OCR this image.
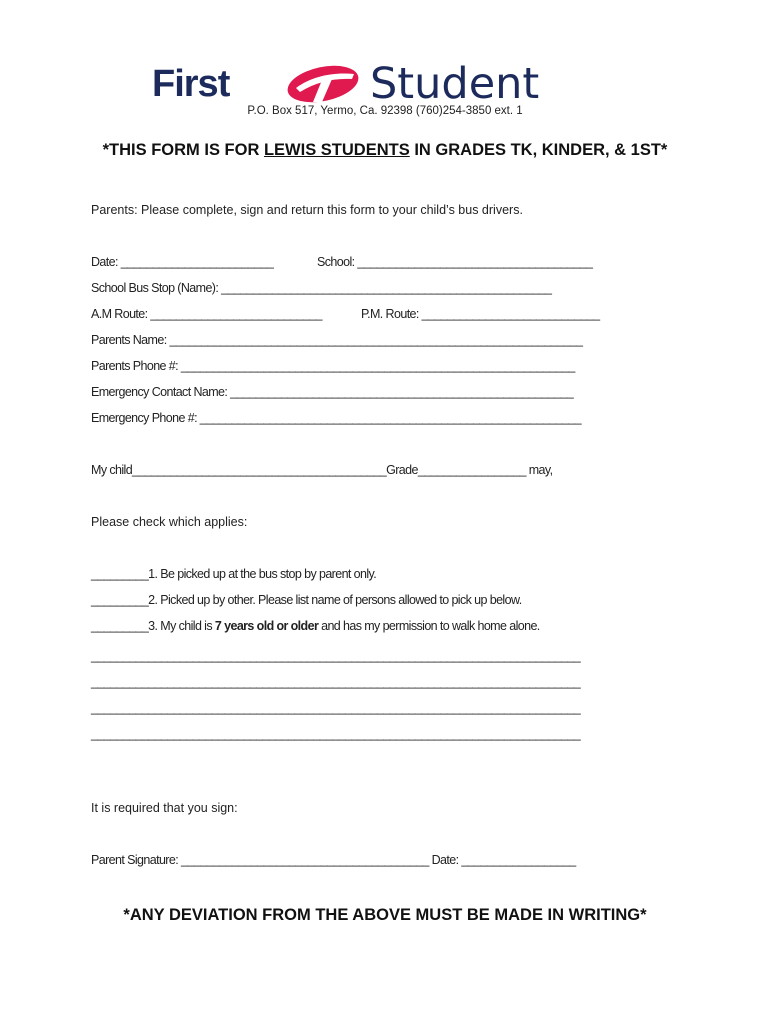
First	Student
P.O. Box 517, Yermo, Ca. 92398 (760)254-3850 ext. 1
*THIS FORM IS FOR LEWIS STUDENTS IN GRADES TK, KINDER, & 1ST*
Parents: Please complete, sign and return this form to your child’s bus drivers.
Date: ________________________	School: _____________________________________
School Bus Stop (Name): ____________________________________________________
A.M Route: ___________________________	P.M. Route: ____________________________
Parents Name: _________________________________________________________________
Parents Phone #: ______________________________________________________________
Emergency Contact Name: ______________________________________________________
Emergency Phone #: ____________________________________________________________
My child________________________________________Grade_________________ may,
Please check which applies:
_________1. Be picked up at the bus stop by parent only.
_________2. Picked up by other. Please list name of persons allowed to pick up below.
_________3. My child is 7 years old or older and has my permission to walk home alone.
_____________________________________________________________________________
_____________________________________________________________________________
_____________________________________________________________________________
_____________________________________________________________________________
It is required that you sign:
Parent Signature: _______________________________________ Date: __________________
*ANY DEVIATION FROM THE ABOVE MUST BE MADE IN WRITING*
